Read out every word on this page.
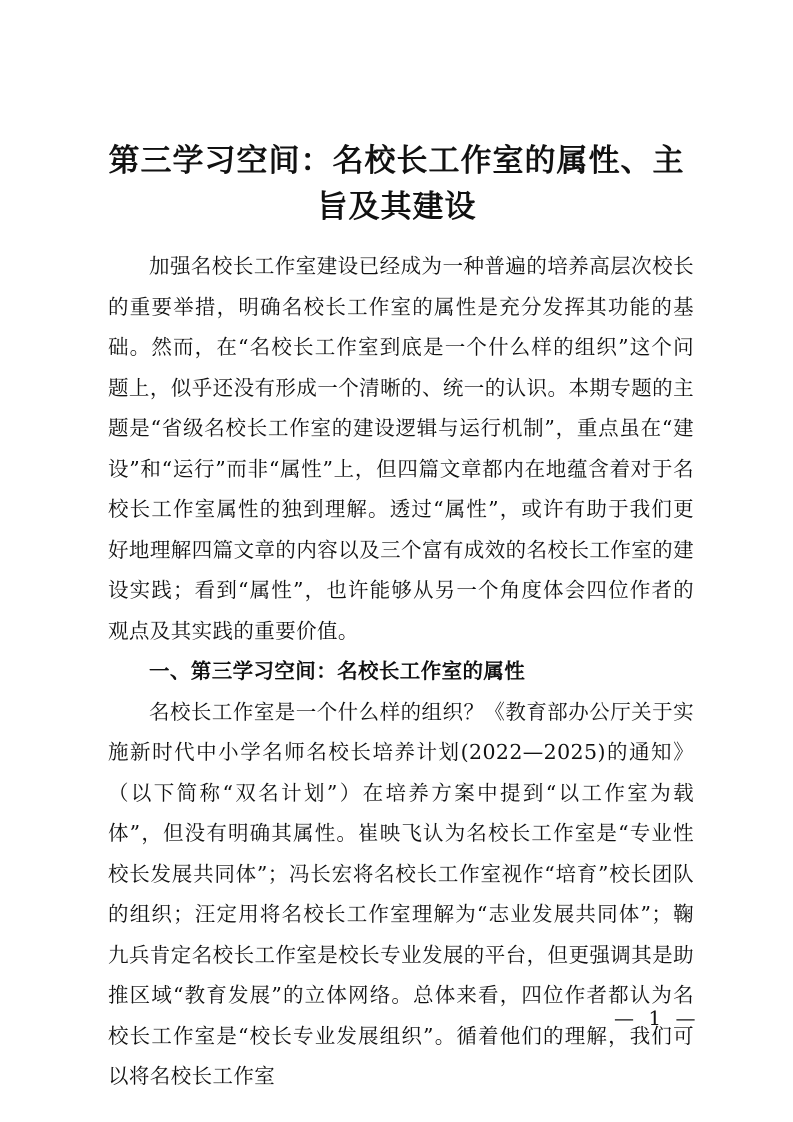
第三学习空间：名校长工作室的属性、主旨及其建设

加强名校长工作室建设已经成为一种普遍的培养高层次校长的重要举措，明确名校长工作室的属性是充分发挥其功能的基础。然而，在“名校长工作室到底是一个什么样的组织”这个问题上，似乎还没有形成一个清晰的、统一的认识。本期专题的主题是“省级名校长工作室的建设逻辑与运行机制”，重点虽在“建设”和“运行”而非“属性”上，但四篇文章都内在地蕴含着对于名校长工作室属性的独到理解。透过“属性”，或许有助于我们更好地理解四篇文章的内容以及三个富有成效的名校长工作室的建设实践；看到“属性”，也许能够从另一个角度体会四位作者的观点及其实践的重要价值。

一、第三学习空间：名校长工作室的属性

名校长工作室是一个什么样的组织？《教育部办公厅关于实施新时代中小学名师名校长培养计划(2022—2025)的通知》（以下简称“双名计划”）在培养方案中提到“以工作室为载体”，但没有明确其属性。崔映飞认为名校长工作室是“专业性校长发展共同体”；冯长宏将名校长工作室视作“培育”校长团队的组织；汪定用将名校长工作室理解为“志业发展共同体”；鞠九兵肯定名校长工作室是校长专业发展的平台，但更强调其是助推区域“教育发展”的立体网络。总体来看，四位作者都认为名校长工作室是“校长专业发展组织”。循着他们的理解，我们可以将名校长工作室

— 1 —
